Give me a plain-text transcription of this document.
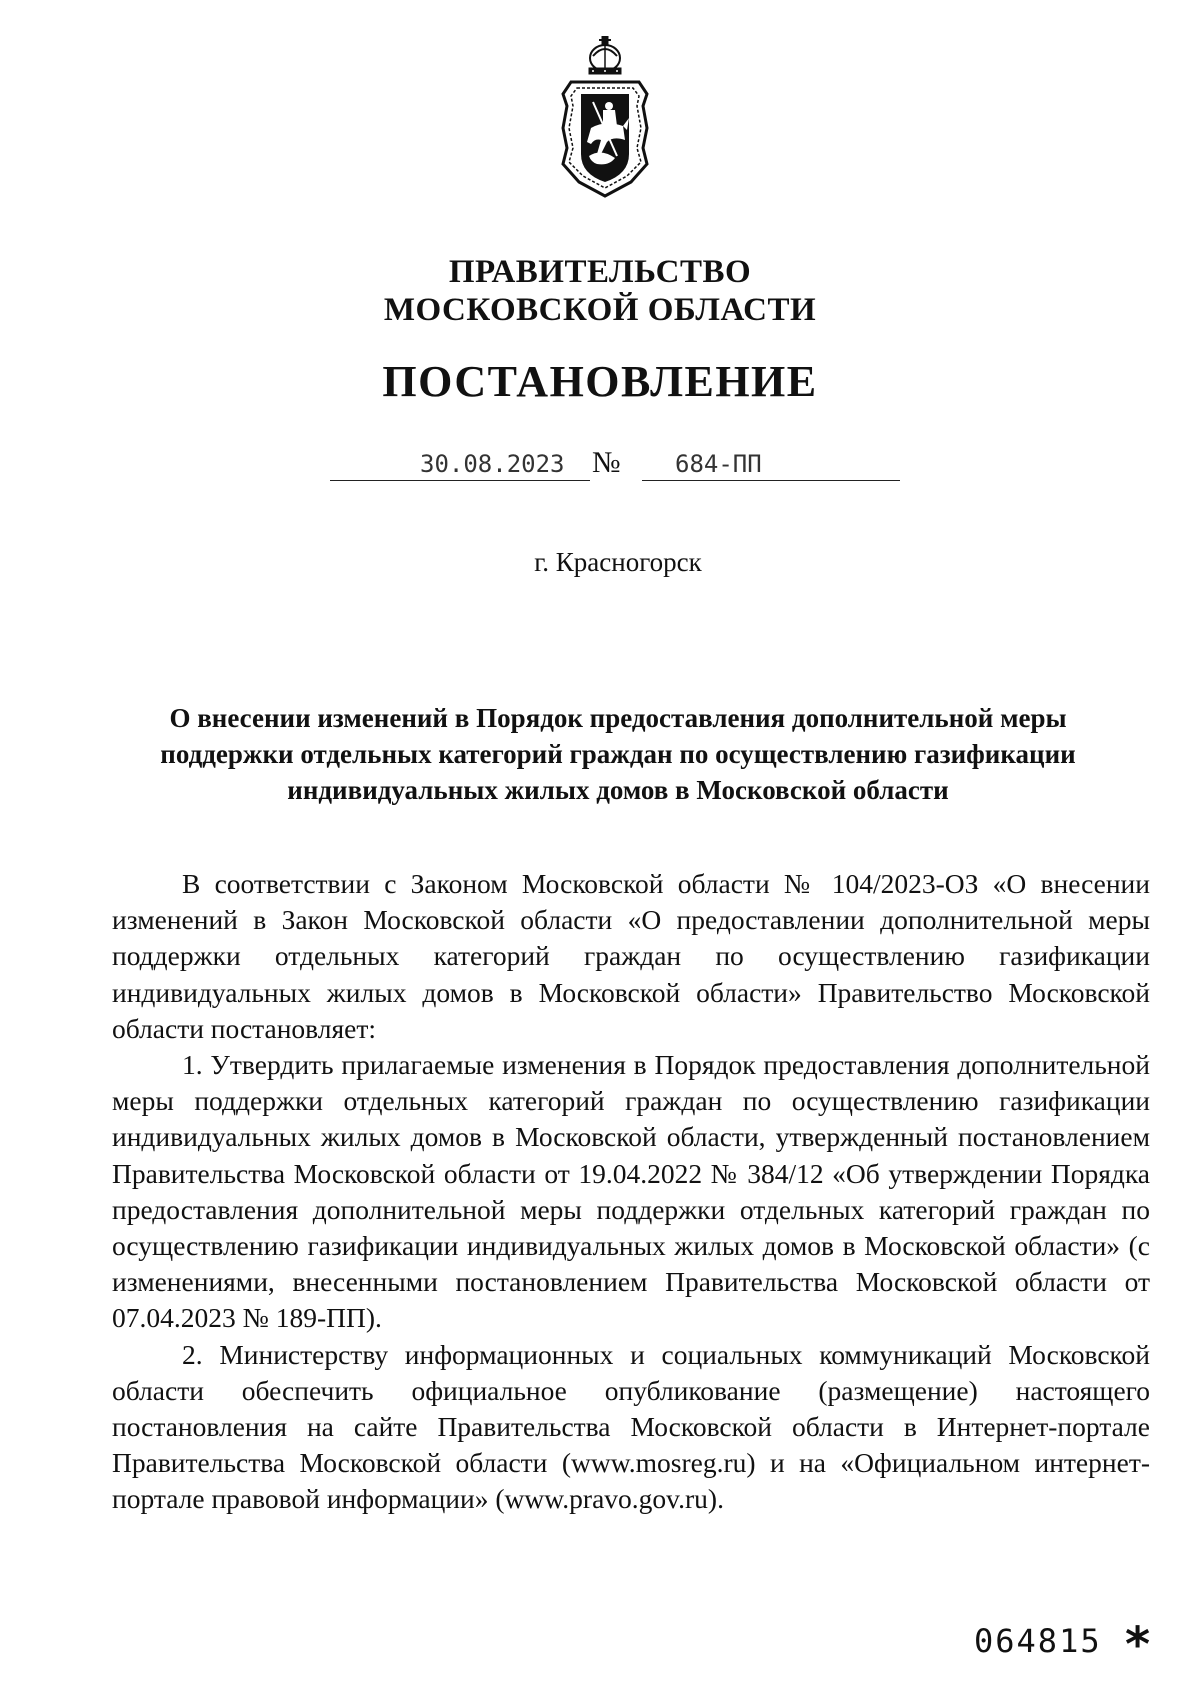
ПРАВИТЕЛЬСТВО
МОСКОВСКОЙ ОБЛАСТИ
ПОСТАНОВЛЕНИЕ
30.08.2023 № 684-ПП
г. Красногорск
О внесении изменений в Порядок предоставления дополнительной меры поддержки отдельных категорий граждан по осуществлению газификации индивидуальных жилых домов в Московской области

В соответствии с Законом Московской области № 104/2023-ОЗ «О внесении изменений в Закон Московской области «О предоставлении дополнительной меры поддержки отдельных категорий граждан по осуществлению газификации индивидуальных жилых домов в Московской области» Правительство Московской области постановляет:

1. Утвердить прилагаемые изменения в Порядок предоставления дополнительной меры поддержки отдельных категорий граждан по осуществлению газификации индивидуальных жилых домов в Московской области, утвержденный постановлением Правительства Московской области от 19.04.2022 № 384/12 «Об утверждении Порядка предоставления дополнительной меры поддержки отдельных категорий граждан по осуществлению газификации индивидуальных жилых домов в Московской области» (с изменениями, внесенными постановлением Правительства Московской области от 07.04.2023 № 189-ПП).

2. Министерству информационных и социальных коммуникаций Московской области обеспечить официальное опубликование (размещение) настоящего постановления на сайте Правительства Московской области в Интернет-портале Правительства Московской области (www.mosreg.ru) и на «Официальном интернет-портале правовой информации» (www.pravo.gov.ru).

064815 *
